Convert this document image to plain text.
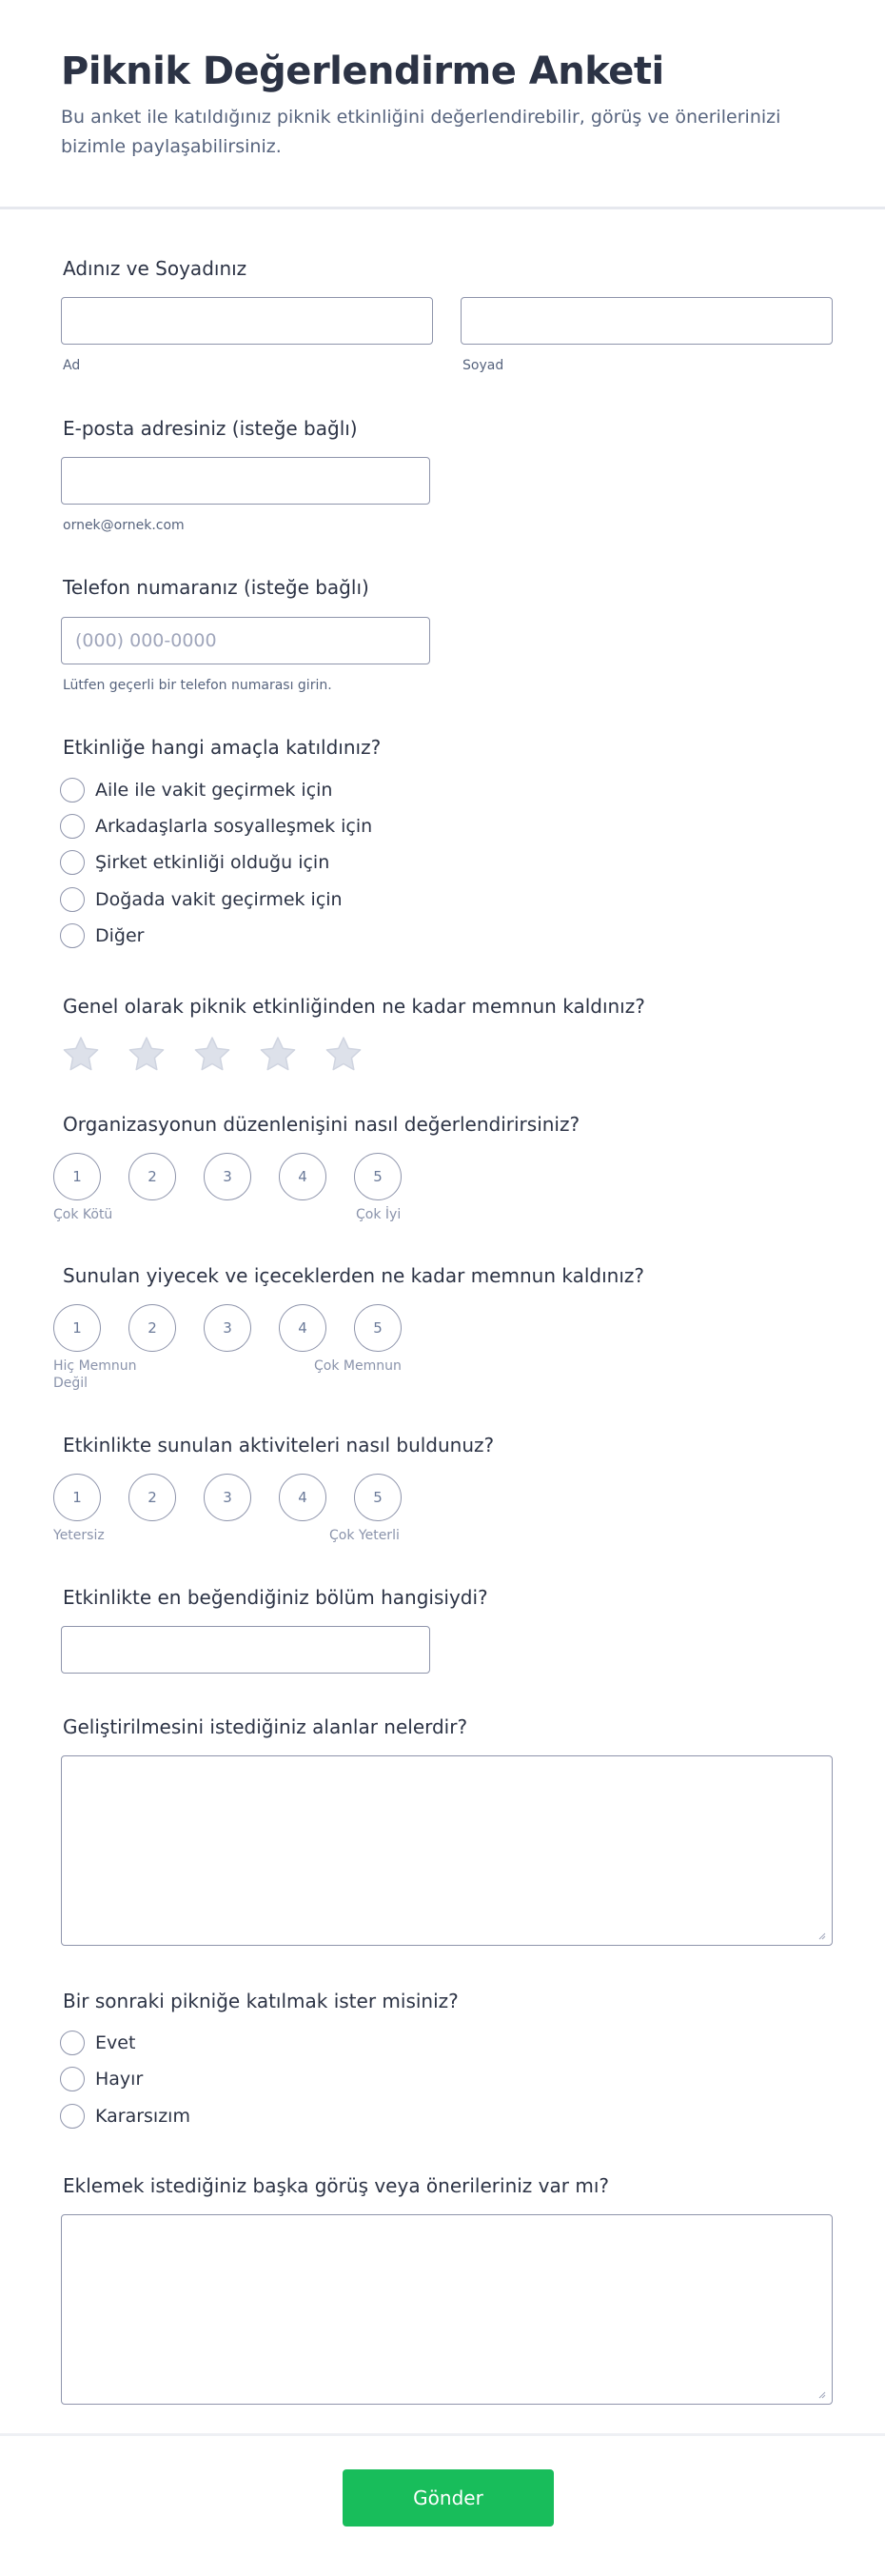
Piknik Değerlendirme Anketi

Bu anket ile katıldığınız piknik etkinliğini değerlendirebilir, görüş ve önerilerinizi bizimle paylaşabilirsiniz.

Adınız ve Soyadınız
Ad	Soyad
E-posta adresiniz (isteğe bağlı)
ornek@ornek.com
Telefon numaranız (isteğe bağlı)
(000) 000-0000
Lütfen geçerli bir telefon numarası girin.
Etkinliğe hangi amaçla katıldınız?
Aile ile vakit geçirmek için
Arkadaşlarla sosyalleşmek için
Şirket etkinliği olduğu için
Doğada vakit geçirmek için
Diğer
Genel olarak piknik etkinliğinden ne kadar memnun kaldınız?
Organizasyonun düzenlenişini nasıl değerlendirirsiniz?
1	2	3	4	5
Çok Kötü	Çok İyi
Sunulan yiyecek ve içeceklerden ne kadar memnun kaldınız?
1	2	3	4	5
Hiç Memnun Değil
Çok Memnun
Etkinlikte sunulan aktiviteleri nasıl buldunuz?
1	2	3	4	5
Yetersiz	Çok Yeterli
Etkinlikte en beğendiğiniz bölüm hangisiydi?
Geliştirilmesini istediğiniz alanlar nelerdir?
Bir sonraki pikniğe katılmak ister misiniz?
Evet
Hayır
Kararsızım
Eklemek istediğiniz başka görüş veya önerileriniz var mı?
Gönder
